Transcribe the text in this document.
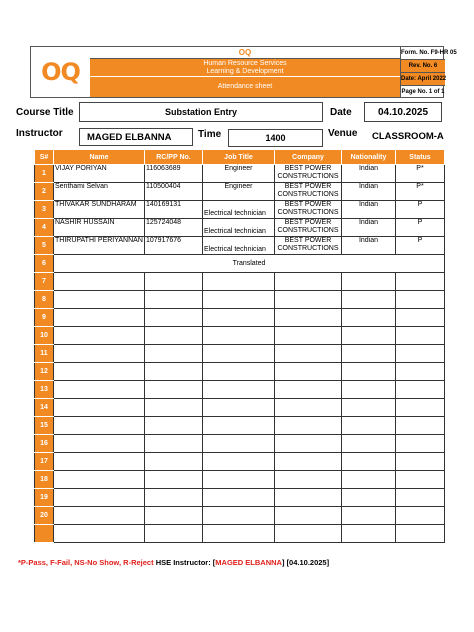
OQ
OQ
Human Resource Services
Learning & Development
Attendance sheet
Form. No. F9-HR 05
Rev. No. 6
Date: April 2022
Page No. 1 of 1
Course Title	Substation Entry	Date	04.10.2025
Instructor	MAGED ELBANNA	Time	1400	Venue CLASSROOM-A
S#	Name	RC/PP No.	Job Title	Company	Nationality	Status
1	VIJAY PORIYAN	116063689	Engineer	BEST POWER CONSTRUCTIONS	Indian	P*
2	Senthami Selvan	110500404	Engineer	BEST POWER CONSTRUCTIONS	Indian	P*
3	THIVAKAR SUNDHARAM	140169131	Electrical technician	BEST POWER CONSTRUCTIONS	Indian	P
4	NASHIR HUSSAIN	125724048	Electrical technician	BEST POWER CONSTRUCTIONS	Indian	P
5	THIRUPATHI PERIYANNAN	107917676	Electrical technician	BEST POWER CONSTRUCTIONS	Indian	P
6	Translated					
7						
8						
9						
10						
11						
12						
13						
14						
15						
16						
17						
18						
19						
20						

*P-Pass, F-Fail, NS-No Show, R-Reject HSE Instructor: [MAGED ELBANNA] [04.10.2025]
